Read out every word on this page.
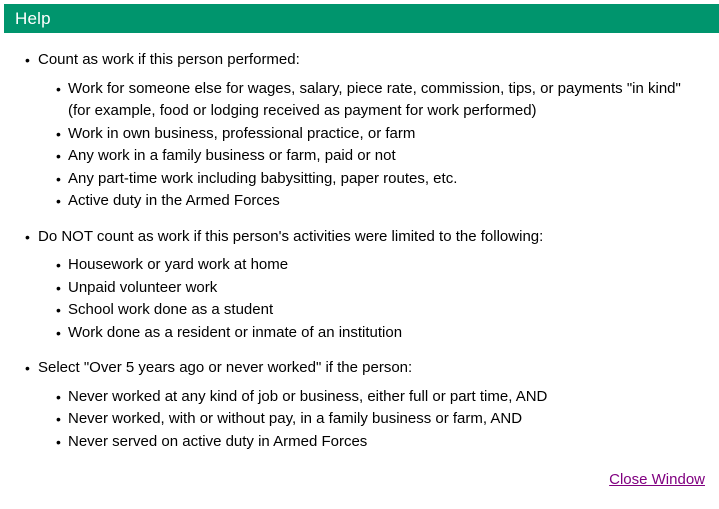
Help
• Count as work if this person performed:
• Work for someone else for wages, salary, piece rate, commission, tips, or payments "in kind" (for example, food or lodging received as payment for work performed)
• Work in own business, professional practice, or farm
• Any work in a family business or farm, paid or not
• Any part-time work including babysitting, paper routes, etc.
• Active duty in the Armed Forces
• Do NOT count as work if this person's activities were limited to the following:
• Housework or yard work at home
• Unpaid volunteer work
• School work done as a student
• Work done as a resident or inmate of an institution
• Select "Over 5 years ago or never worked" if the person:
• Never worked at any kind of job or business, either full or part time, AND
• Never worked, with or without pay, in a family business or farm, AND
• Never served on active duty in Armed Forces
Close Window
